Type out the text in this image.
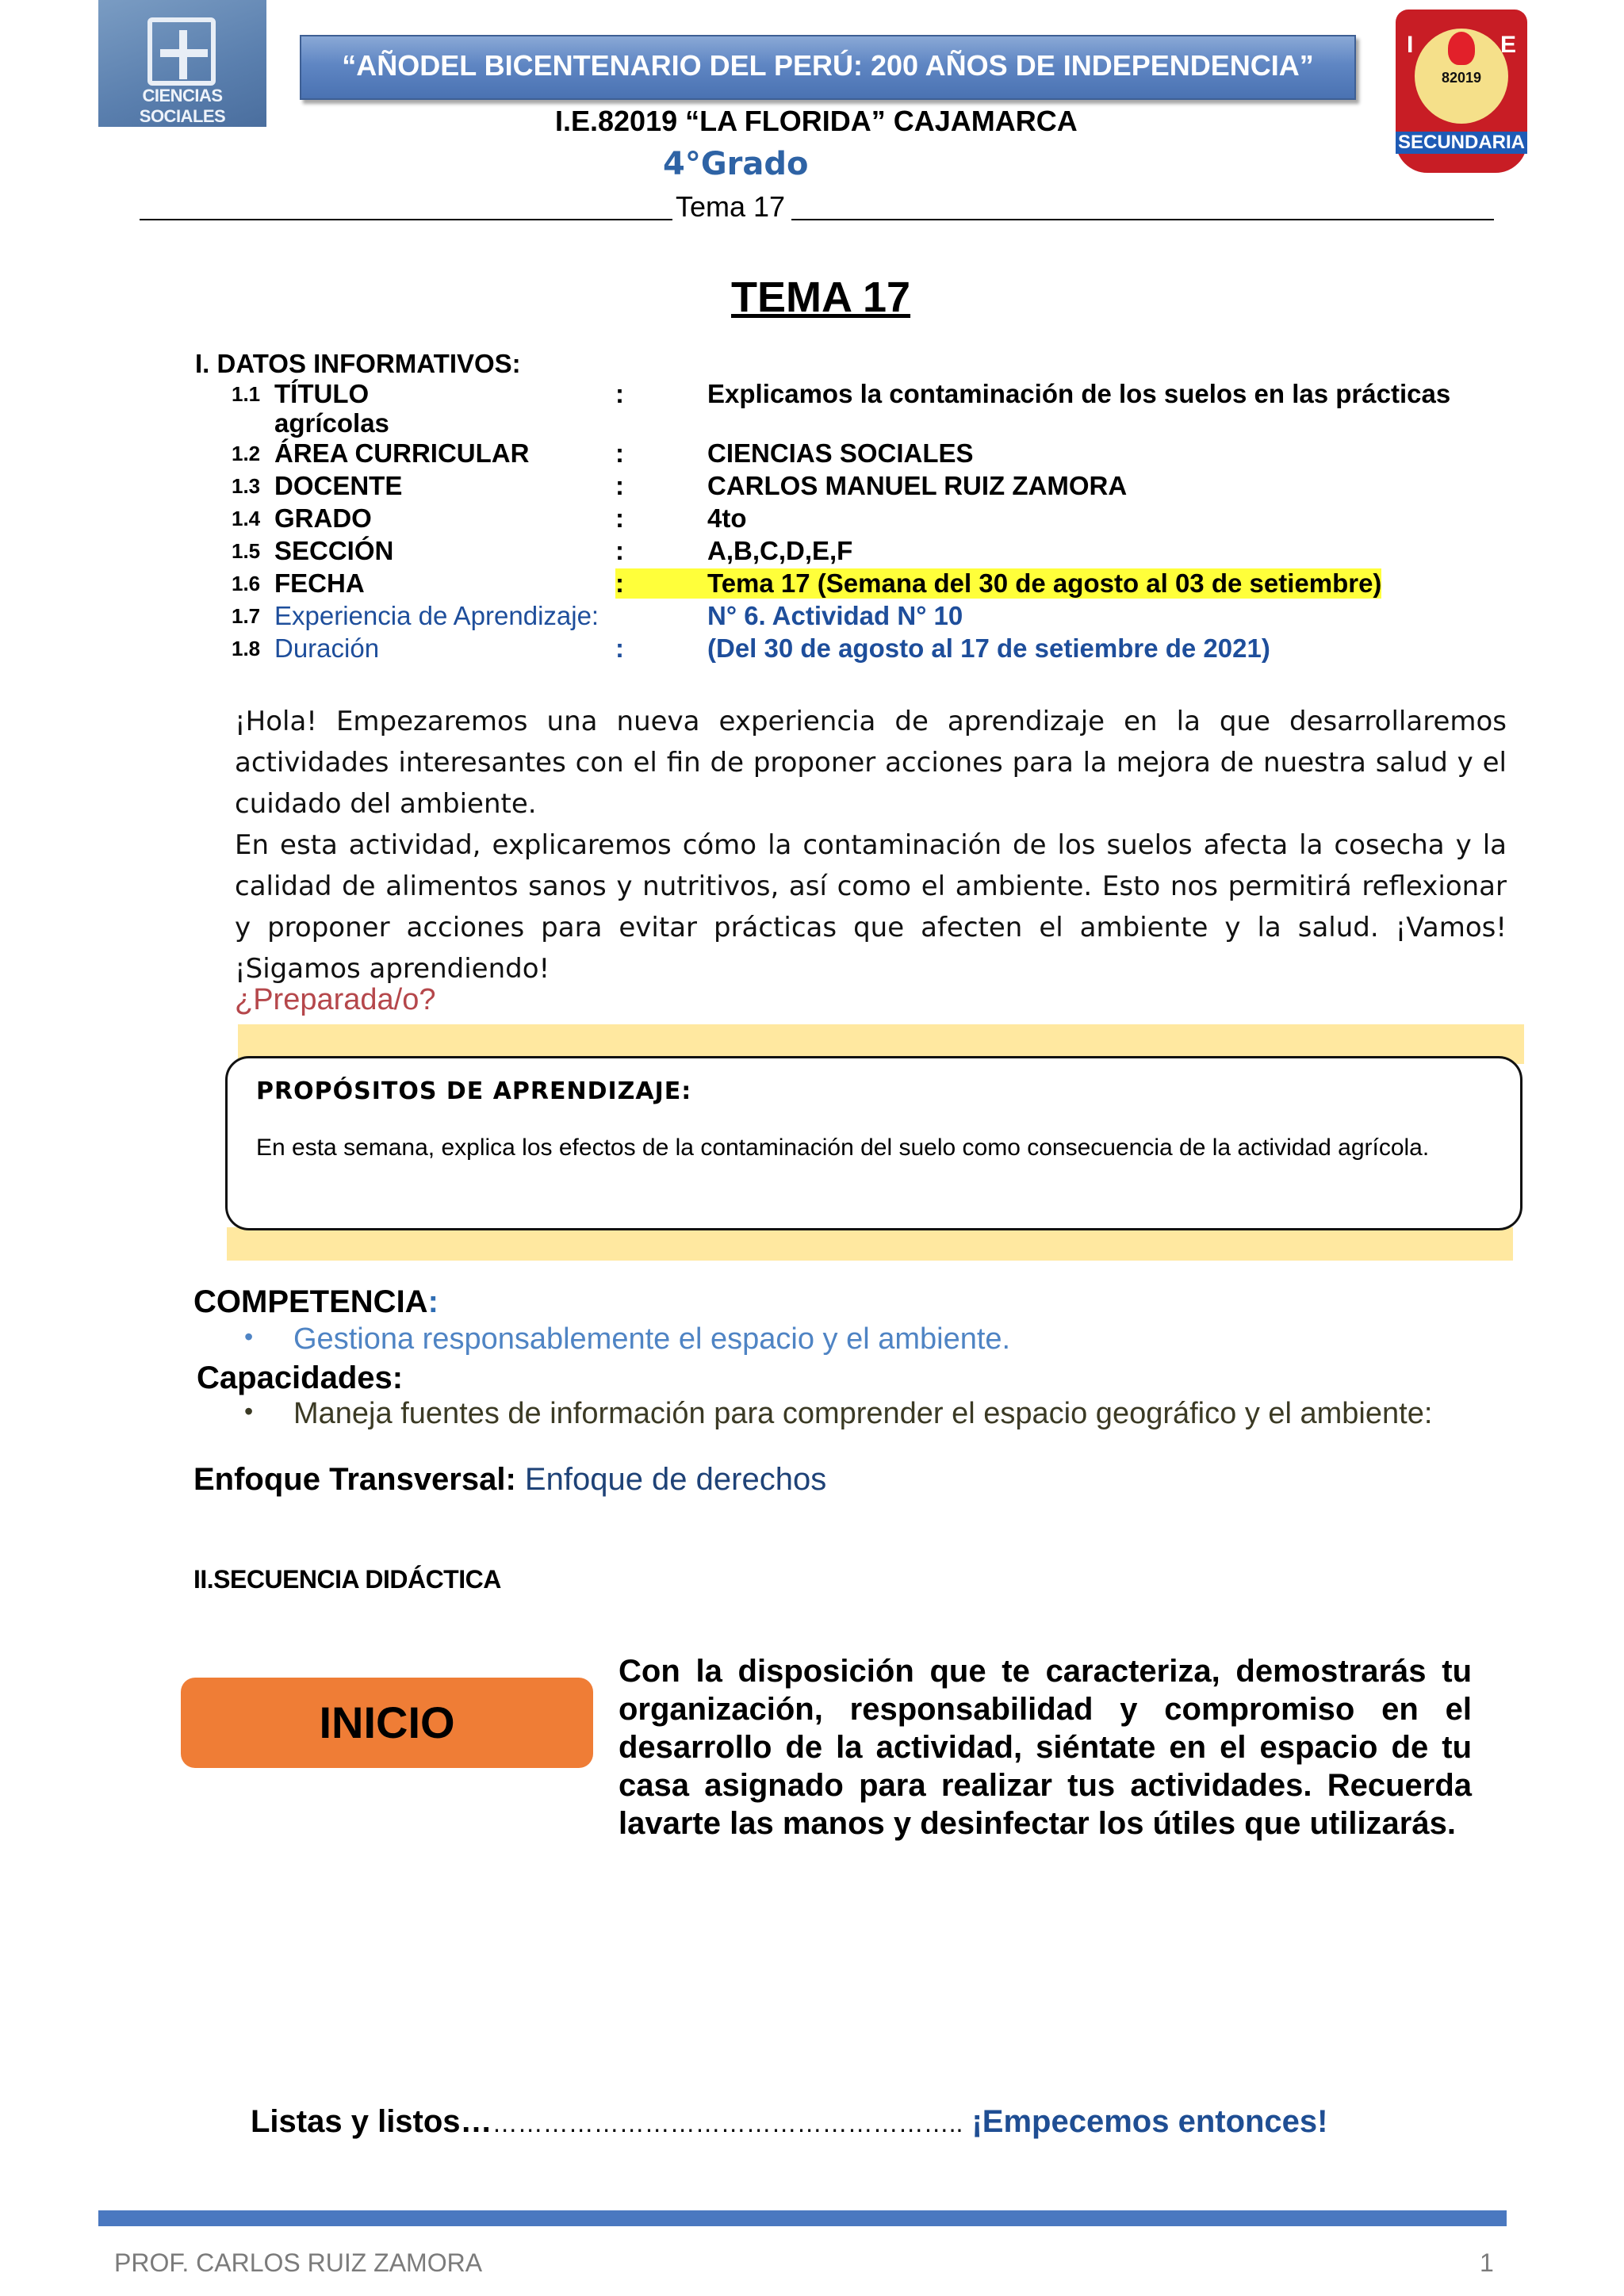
CIENCIAS SOCIALES
“AÑODEL BICENTENARIO DEL PERÚ: 200 AÑOS DE INDEPENDENCIA”
I	E
82019
SECUNDARIA
I.E.82019 “LA FLORIDA” CAJAMARCA
4°Grado
Tema 17
TEMA 17
I. DATOS INFORMATIVOS:
1.1 TÍTULO	:	Explicamos la contaminación de los suelos en las prácticas
agrícolas
1.2 ÁREA CURRICULAR	:	CIENCIAS SOCIALES
1.3 DOCENTE	:	CARLOS MANUEL RUIZ ZAMORA
1.4 GRADO	:	4to
1.5 SECCIÓN	:	A,B,C,D,E,F
1.6 FECHA	:	Tema 17 (Semana del 30 de agosto al 03 de setiembre)
1.7 Experiencia de Aprendizaje:	N° 6. Actividad N° 10
1.8 Duración	:	(Del 30 de agosto al 17 de setiembre de 2021)

¡Hola! Empezaremos una nueva experiencia de aprendizaje en la que desarrollaremos actividades interesantes con el fin de proponer acciones para la mejora de nuestra salud y el cuidado del ambiente.

En esta actividad, explicaremos cómo la contaminación de los suelos afecta la cosecha y la calidad de alimentos sanos y nutritivos, así como el ambiente. Esto nos permitirá reflexionar y proponer acciones para evitar prácticas que afecten el ambiente y la salud. ¡Vamos! ¡Sigamos aprendiendo!

¿Preparada/o?
PROPÓSITOS DE APRENDIZAJE:
En esta semana, explica los efectos de la contaminación del suelo como consecuencia de la actividad agrícola.
COMPETENCIA:
• Gestiona responsablemente el espacio y el ambiente.
Capacidades:
• Maneja fuentes de información para comprender el espacio geográfico y el ambiente:
Enfoque Transversal: Enfoque de derechos
II.SECUENCIA DIDÁCTICA
INICIO
Con la disposición que te caracteriza, demostrarás tu organización, responsabilidad y compromiso en el desarrollo de la actividad, siéntate en el espacio de tu casa asignado para realizar tus actividades. Recuerda lavarte las manos y desinfectar los útiles que utilizarás.
Listas y listos………………………………………………….. ¡Empecemos entonces!
PROF. CARLOS RUIZ ZAMORA	1
